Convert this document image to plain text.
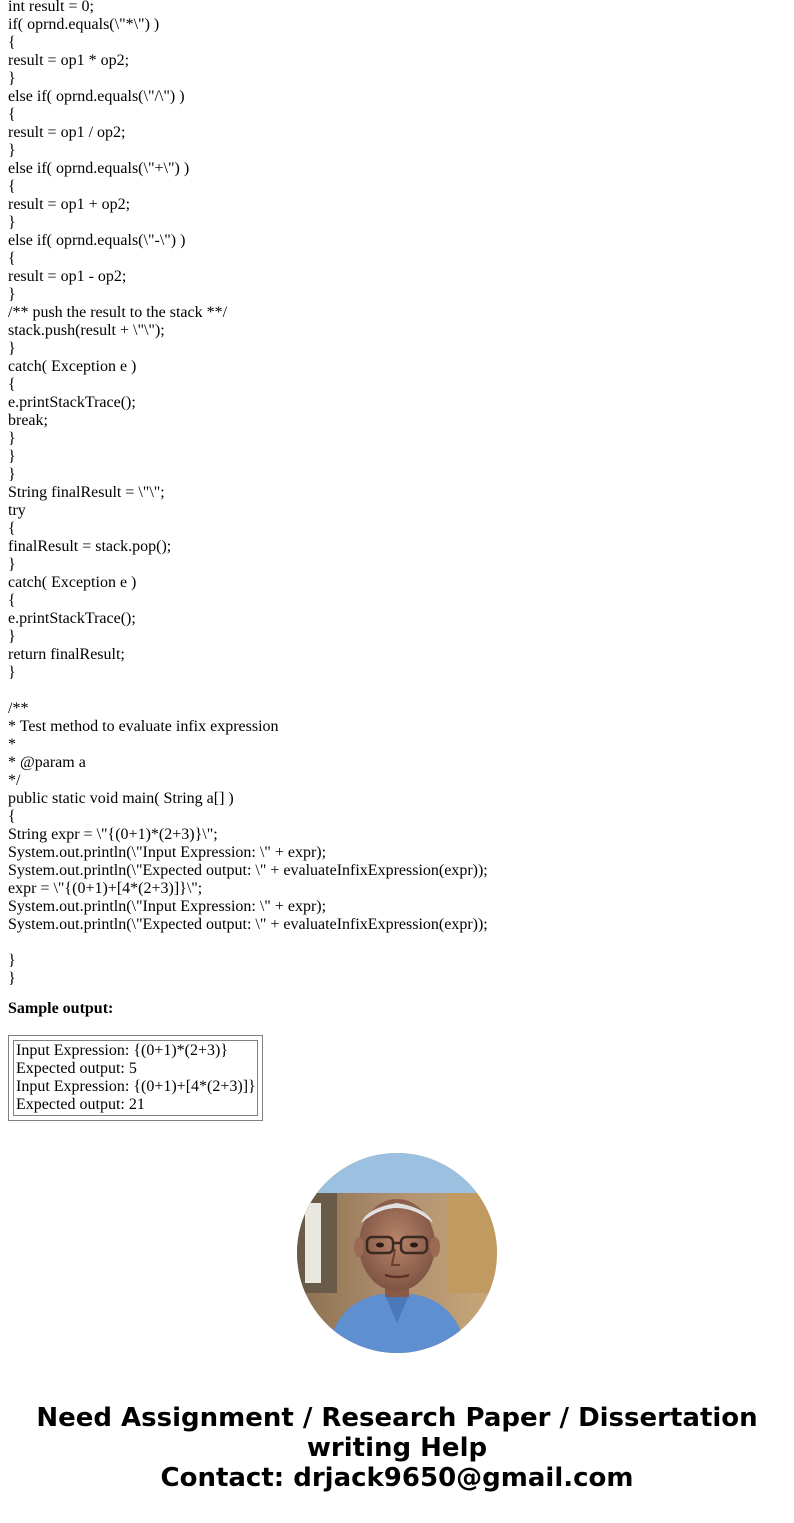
int result = 0;
if( oprnd.equals(\"*\") )
{
result = op1 * op2;
}
else if( oprnd.equals(\"/\") )
{
result = op1 / op2;
}
else if( oprnd.equals(\"+\") )
{
result = op1 + op2;
}
else if( oprnd.equals(\"-\") )
{
result = op1 - op2;
}
/** push the result to the stack **/
stack.push(result + \"\");
}
catch( Exception e )
{
e.printStackTrace();
break;
}
}
}
String finalResult = \"\";
try
{
finalResult = stack.pop();
}
catch( Exception e )
{
e.printStackTrace();
}
return finalResult;
}
/**
* Test method to evaluate infix expression
*
* @param a
*/
public static void main( String a[] )
{
String expr = \"{(0+1)*(2+3)}\";
System.out.println(\"Input Expression: \" + expr);
System.out.println(\"Expected output: \" + evaluateInfixExpression(expr));
expr = \"{(0+1)+[4*(2+3)]}\";
System.out.println(\"Input Expression: \" + expr);
System.out.println(\"Expected output: \" + evaluateInfixExpression(expr));
}
}
Sample output:
Input Expression: {(0+1)*(2+3)}
Expected output: 5
Input Expression: {(0+1)+[4*(2+3)]}
Expected output: 21
Need Assignment / Research Paper / Dissertation
writing Help
Contact: drjack9650@gmail.com
